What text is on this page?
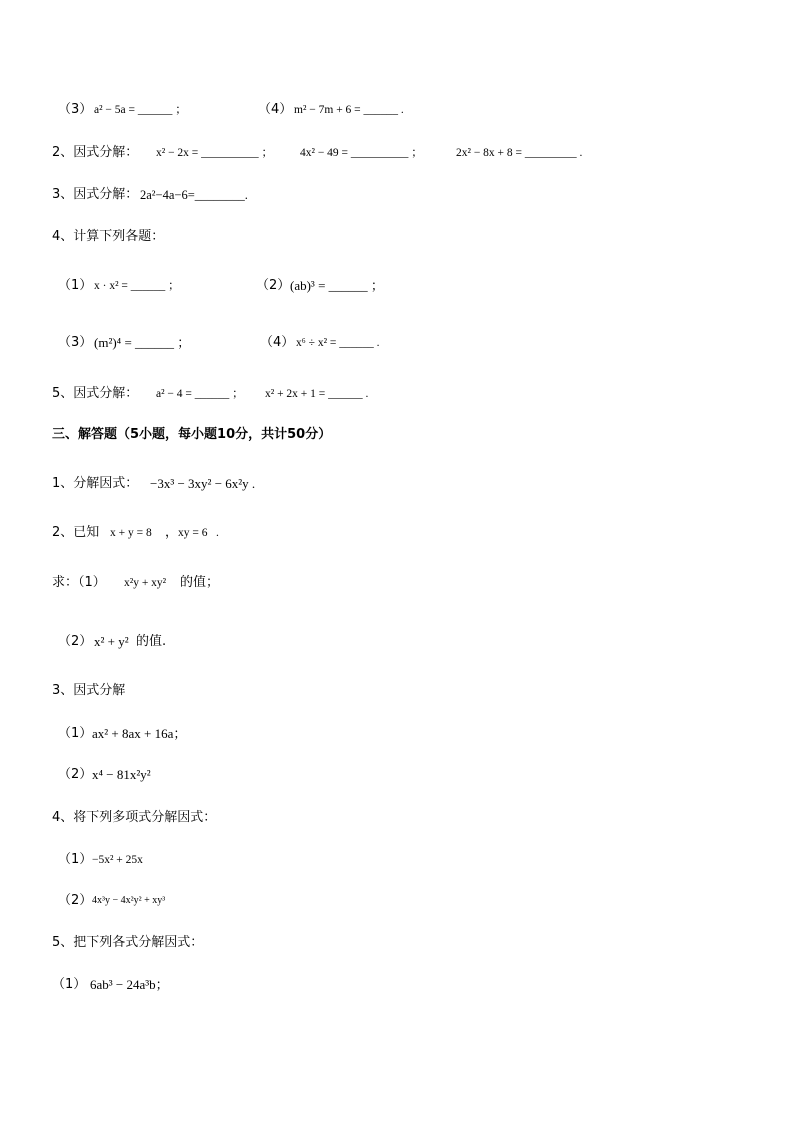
（3） a² − 5a = ______ ；	（4） m² − 7m + 6 = ______ .
2、因式分解： x² − 2x = __________ ； 4x² − 49 = __________ ；	2x² − 8x + 8 = _________ .
3、因式分解： 2a²−4a−6=________.
4、计算下列各题：
（1） x · x² = ______ ；	（2） (ab)³ = ______ ；
（3） (m²)⁴ = ______ ；	（4） x⁶ ÷ x² = ______ .
5、因式分解： a² − 4 = ______ ； x² + 2x + 1 = ______ .
三、解答题（5小题，每小题10分，共计50分）
1、分解因式： −3x³ − 3xy² − 6x²y .
2、已知 x + y = 8 ， xy = 6 .
求：（1） x²y + xy² 的值；
（2） x² + y² 的值.
3、因式分解
（1） ax² + 8ax + 16a；
（2） x⁴ − 81x²y²
4、将下列多项式分解因式：
（1） −5x² + 25x
（2） 4x³y − 4x²y² + xy³
5、把下列各式分解因式：
（1） 6ab³ − 24a³b；
